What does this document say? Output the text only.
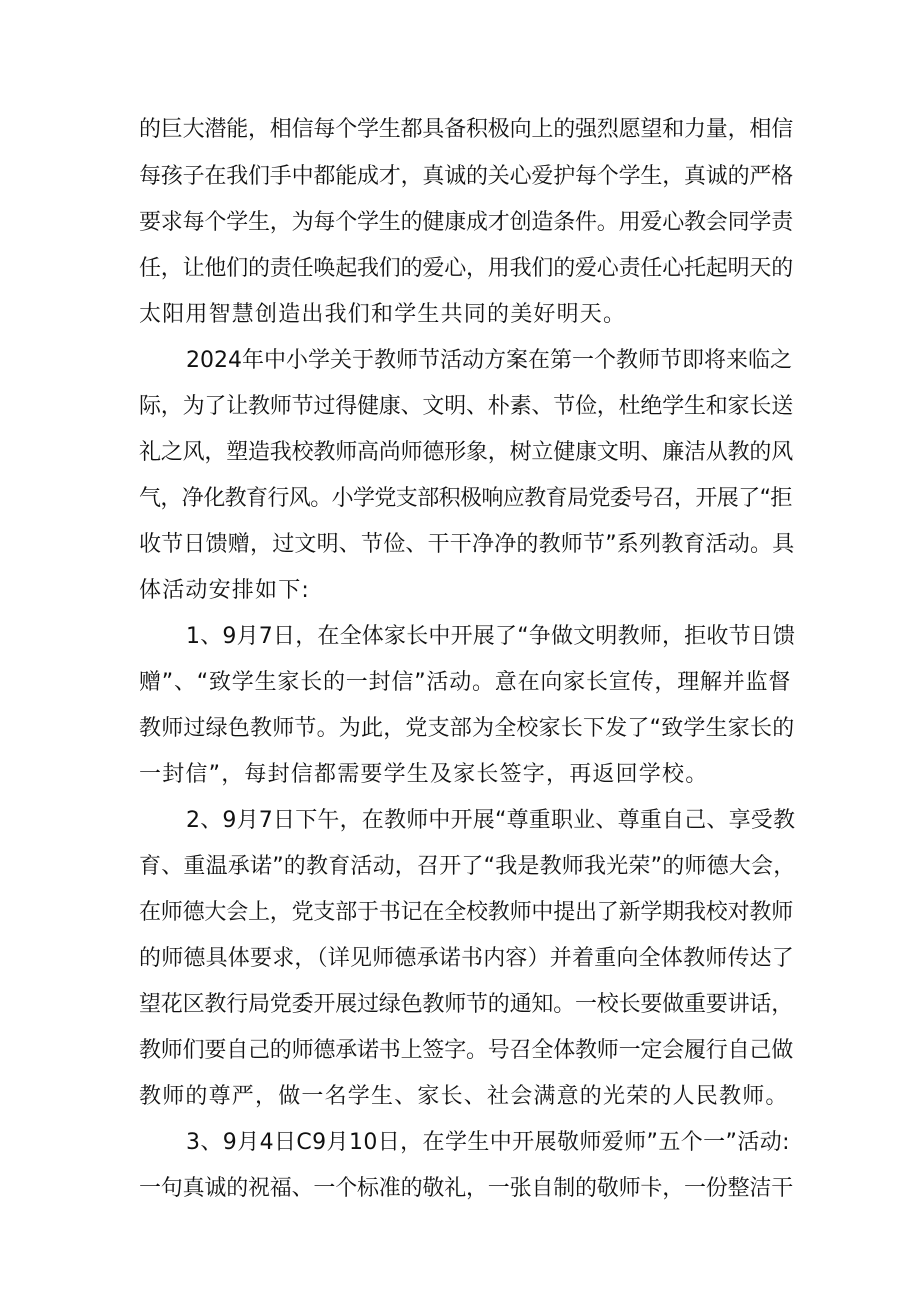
的巨大潜能，相信每个学生都具备积极向上的强烈愿望和力量，相信
每孩子在我们手中都能成才，真诚的关心爱护每个学生，真诚的严格
要求每个学生，为每个学生的健康成才创造条件。用爱心教会同学责
任，让他们的责任唤起我们的爱心，用我们的爱心责任心托起明天的
太阳用智慧创造出我们和学生共同的美好明天。
2024年中小学关于教师节活动方案在第一个教师节即将来临之
际，为了让教师节过得健康、文明、朴素、节俭，杜绝学生和家长送
礼之风，塑造我校教师高尚师德形象，树立健康文明、廉洁从教的风
气，净化教育行风。小学党支部积极响应教育局党委号召，开展了“拒
收节日馈赠，过文明、节俭、干干净净的教师节”系列教育活动。具
体活动安排如下:
1、9月7日，在全体家长中开展了“争做文明教师，拒收节日馈
赠”、“致学生家长的一封信”活动。意在向家长宣传，理解并监督
教师过绿色教师节。为此，党支部为全校家长下发了“致学生家长的
一封信”，每封信都需要学生及家长签字，再返回学校。
2、9月7日下午，在教师中开展“尊重职业、尊重自己、享受教
育、重温承诺”的教育活动，召开了“我是教师我光荣”的师德大会，
在师德大会上，党支部于书记在全校教师中提出了新学期我校对教师
的师德具体要求，（详见师德承诺书内容）并着重向全体教师传达了
望花区教行局党委开展过绿色教师节的通知。一校长要做重要讲话，
教师们要自己的师德承诺书上签字。号召全体教师一定会履行自己做
教师的尊严，做一名学生、家长、社会满意的光荣的人民教师。
3、9月4日C9月10日，在学生中开展敬师爱师”五个一”活动:
一句真诚的祝福、一个标准的敬礼，一张自制的敬师卡，一份整洁干
